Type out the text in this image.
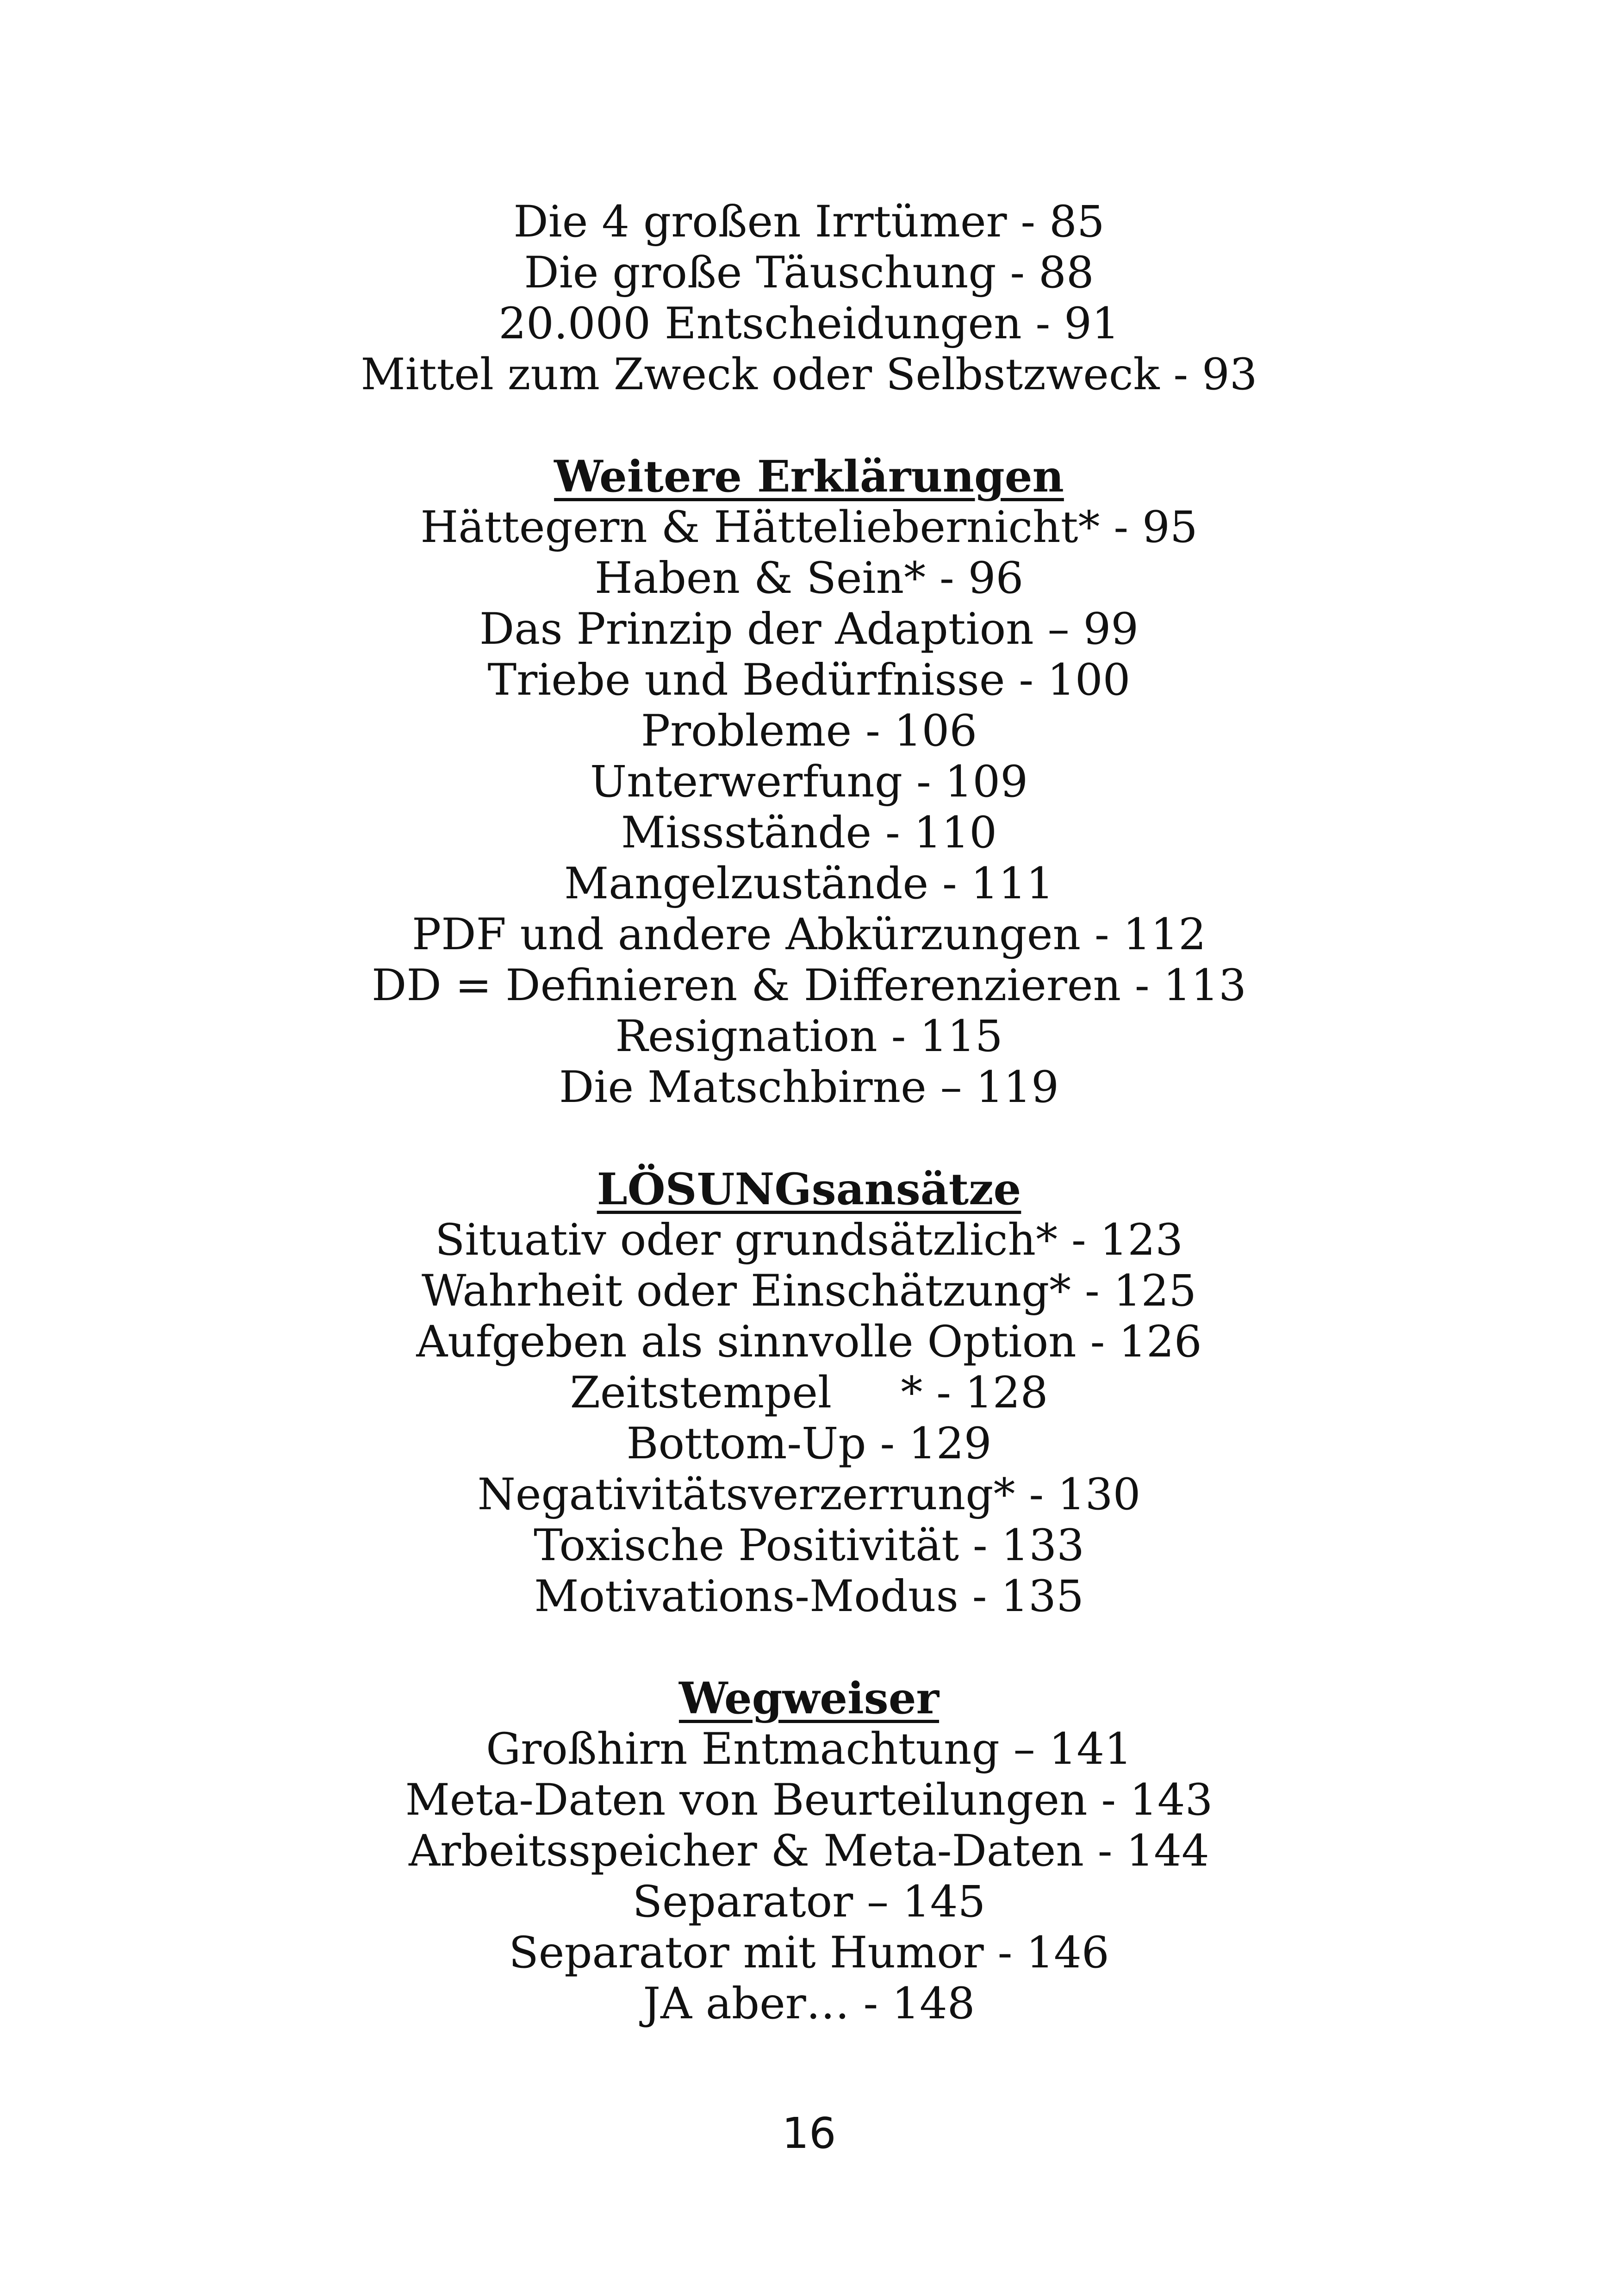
Die 4 großen Irrtümer - 85
Die große Täuschung - 88
20.000 Entscheidungen - 91
Mittel zum Zweck oder Selbstzweck - 93
Weitere Erklärungen
Hättegern & Hätteliebernicht* - 95
Haben & Sein* - 96
Das Prinzip der Adaption – 99
Triebe und Bedürfnisse - 100
Probleme - 106
Unterwerfung - 109
Missstände - 110
Mangelzustände - 111
PDF und andere Abkürzungen - 112
DD = Definieren & Differenzieren - 113
Resignation - 115
Die Matschbirne – 119
LÖSUNGsansätze
Situativ oder grundsätzlich* - 123
Wahrheit oder Einschätzung* - 125
Aufgeben als sinnvolle Option - 126
Zeitstempel     * - 128
Bottom-Up - 129
Negativitätsverzerrung* - 130
Toxische Positivität - 133
Motivations-Modus - 135
Wegweiser
Großhirn Entmachtung – 141
Meta-Daten von Beurteilungen - 143
Arbeitsspeicher & Meta-Daten - 144
Separator – 145
Separator mit Humor - 146
JA aber… - 148
16
